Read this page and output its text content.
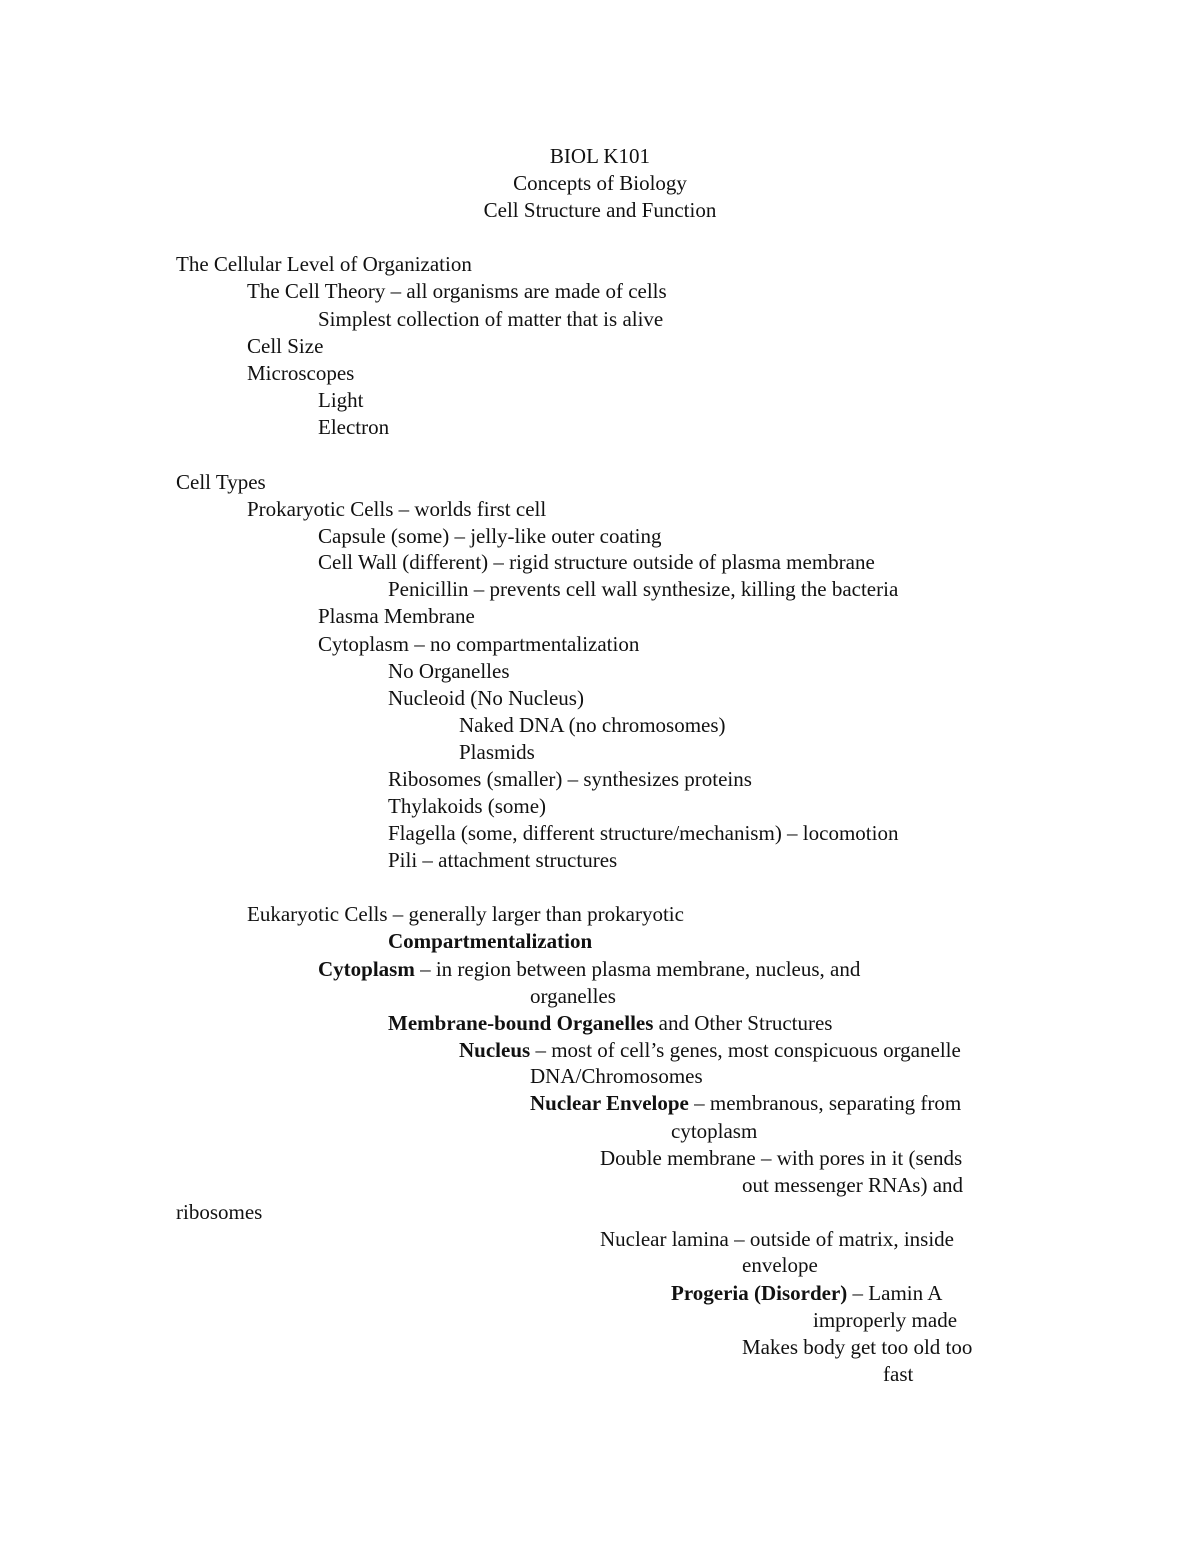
BIOL K101

Concepts of Biology

Cell Structure and Function

The Cellular Level of Organization

The Cell Theory – all organisms are made of cells

Simplest collection of matter that is alive

Cell Size

Microscopes

Light

Electron

Cell Types

Prokaryotic Cells – worlds first cell

Capsule (some) – jelly-like outer coating

Cell Wall (different) – rigid structure outside of plasma membrane

Penicillin – prevents cell wall synthesize, killing the bacteria

Plasma Membrane

Cytoplasm – no compartmentalization

No Organelles

Nucleoid (No Nucleus)

Naked DNA (no chromosomes)

Plasmids

Ribosomes (smaller) – synthesizes proteins

Thylakoids (some)

Flagella (some, different structure/mechanism) – locomotion

Pili – attachment structures

Eukaryotic Cells – generally larger than prokaryotic

Compartmentalization

Cytoplasm – in region between plasma membrane, nucleus, and

organelles

Membrane-bound Organelles and Other Structures

Nucleus – most of cell’s genes, most conspicuous organelle

DNA/Chromosomes

Nuclear Envelope – membranous, separating from

cytoplasm

Double membrane – with pores in it (sends

out messenger RNAs) and

ribosomes

Nuclear lamina – outside of matrix, inside

envelope

Progeria (Disorder) – Lamin A

improperly made

Makes body get too old too

fast
